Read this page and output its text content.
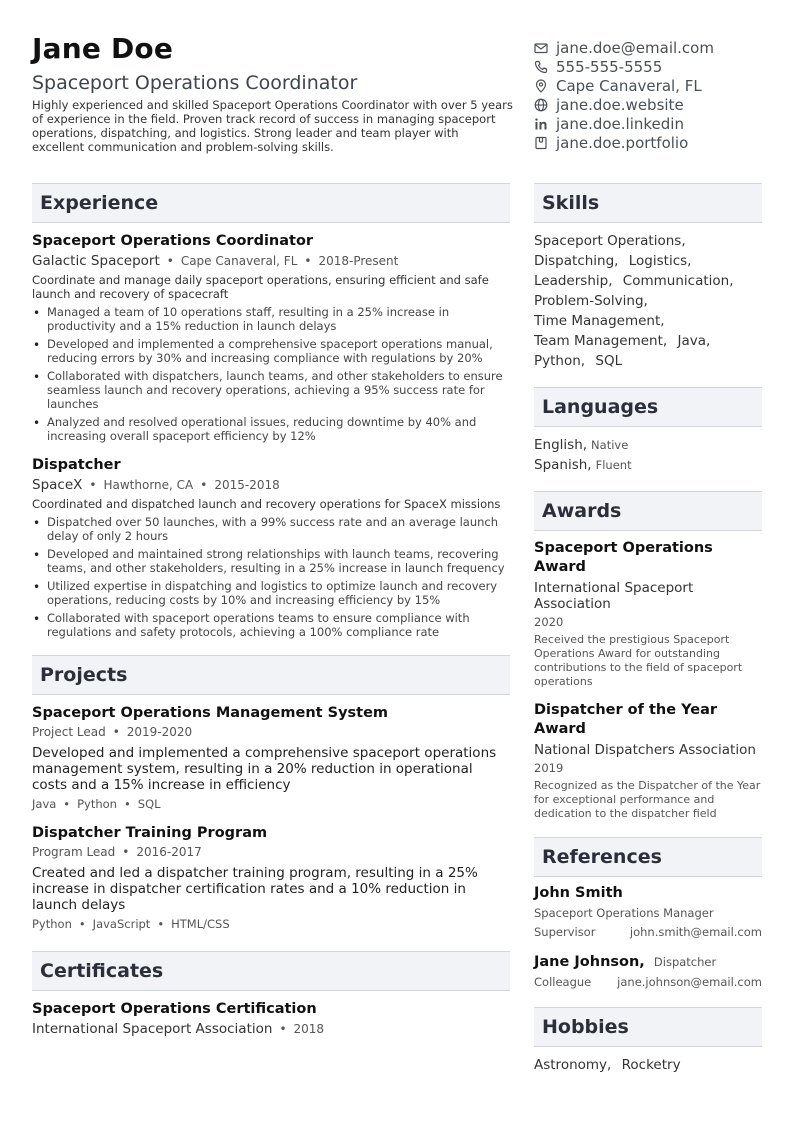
Jane Doe
Spaceport Operations Coordinator
Highly experienced and skilled Spaceport Operations Coordinator with over 5 years of experience in the field. Proven track record of success in managing spaceport operations, dispatching, and logistics. Strong leader and team player with excellent communication and problem-solving skills.
jane.doe@email.com
555-555-5555
Cape Canaveral, FL
jane.doe.website
jane.doe.linkedin
jane.doe.portfolio
Experience
Spaceport Operations Coordinator
Galactic Spaceport • Cape Canaveral, FL • 2018-Present
Coordinate and manage daily spaceport operations, ensuring efficient and safe launch and recovery of spacecraft
• Managed a team of 10 operations staff, resulting in a 25% increase in productivity and a 15% reduction in launch delays
• Developed and implemented a comprehensive spaceport operations manual, reducing errors by 30% and increasing compliance with regulations by 20%
• Collaborated with dispatchers, launch teams, and other stakeholders to ensure seamless launch and recovery operations, achieving a 95% success rate for launches
• Analyzed and resolved operational issues, reducing downtime by 40% and increasing overall spaceport efficiency by 12%
Dispatcher
SpaceX • Hawthorne, CA • 2015-2018
Coordinated and dispatched launch and recovery operations for SpaceX missions
• Dispatched over 50 launches, with a 99% success rate and an average launch delay of only 2 hours
• Developed and maintained strong relationships with launch teams, recovering teams, and other stakeholders, resulting in a 25% increase in launch frequency
• Utilized expertise in dispatching and logistics to optimize launch and recovery operations, reducing costs by 10% and increasing efficiency by 15%
• Collaborated with spaceport operations teams to ensure compliance with regulations and safety protocols, achieving a 100% compliance rate
Projects
Spaceport Operations Management System
Project Lead • 2019-2020
Developed and implemented a comprehensive spaceport operations management system, resulting in a 20% reduction in operational costs and a 15% increase in efficiency
Java • Python • SQL
Dispatcher Training Program
Program Lead • 2016-2017
Created and led a dispatcher training program, resulting in a 25% increase in dispatcher certification rates and a 10% reduction in launch delays
Python • JavaScript • HTML/CSS
Certificates
Spaceport Operations Certification
International Spaceport Association • 2018
Skills
Spaceport Operations, Dispatching, Logistics, Leadership, Communication, Problem-Solving,
Time Management,
Team Management, Java, Python, SQL
Languages
English, Native
Spanish, Fluent
Awards
Spaceport Operations Award
International Spaceport Association
2020
Received the prestigious Spaceport Operations Award for outstanding contributions to the field of spaceport operations
Dispatcher of the Year Award
National Dispatchers Association
2019
Recognized as the Dispatcher of the Year for exceptional performance and dedication to the dispatcher field
References
John Smith
Spaceport Operations Manager
Supervisor	john.smith@email.com
Jane Johnson, Dispatcher
Colleague jane.johnson@email.com
Hobbies
Astronomy, Rocketry
